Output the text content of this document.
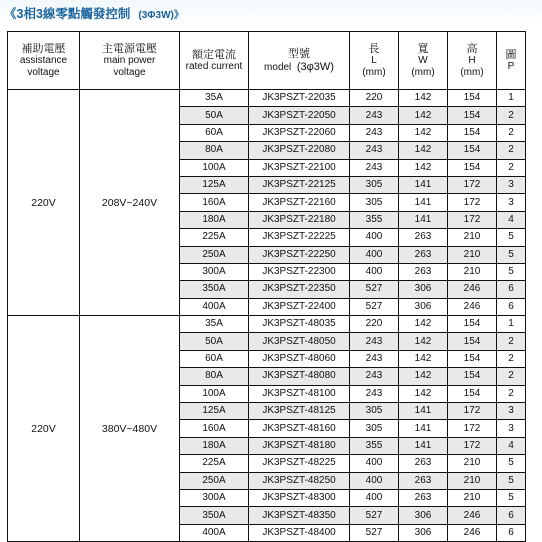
《3相3線零點觸發控制 (3Φ3W)》
補助電壓
assistance
voltage	主電源電壓
main power
voltage	額定電流
rated current	型號
model (3φ3W)	長
L
(mm)	寬
W
(mm)	高
H
(mm)	圖
P

220V	208V~240V	35A	JK3PSZT-22035	220	142	154	1
		50A	JK3PSZT-22050	243	142	154	2
		60A	JK3PSZT-22060	243	142	154	2
		80A	JK3PSZT-22080	243	142	154	2
		100A	JK3PSZT-22100	243	142	154	2
		125A	JK3PSZT-22125	305	141	172	3
		160A	JK3PSZT-22160	305	141	172	3
		180A	JK3PSZT-22180	355	141	172	4
		225A	JK3PSZT-22225	400	263	210	5
		250A	JK3PSZT-22250	400	263	210	5
		300A	JK3PSZT-22300	400	263	210	5
		350A	JK3PSZT-22350	527	306	246	6
		400A	JK3PSZT-22400	527	306	246	6
220V	380V~480V	35A	JK3PSZT-48035	220	142	154	1
		50A	JK3PSZT-48050	243	142	154	2
		60A	JK3PSZT-48060	243	142	154	2
		80A	JK3PSZT-48080	243	142	154	2
		100A	JK3PSZT-48100	243	142	154	2
		125A	JK3PSZT-48125	305	141	172	3
		160A	JK3PSZT-48160	305	141	172	3
		180A	JK3PSZT-48180	355	141	172	4
		225A	JK3PSZT-48225	400	263	210	5
		250A	JK3PSZT-48250	400	263	210	5
		300A	JK3PSZT-48300	400	263	210	5
		350A	JK3PSZT-48350	527	306	246	6
		400A	JK3PSZT-48400	527	306	246	6
